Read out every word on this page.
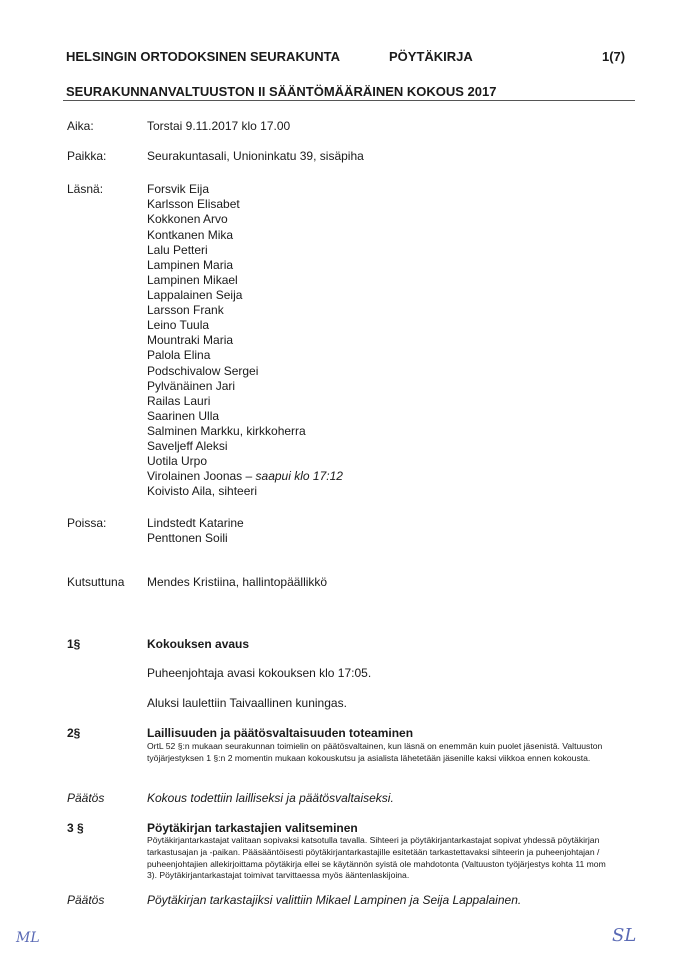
HELSINGIN ORTODOKSINEN SEURAKUNTA	PÖYTÄKIRJA	1(7)
SEURAKUNNANVALTUUSTON II SÄÄNTÖMÄÄRÄINEN KOKOUS 2017
Aika:	Torstai 9.11.2017 klo 17.00
Paikka:	Seurakuntasali, Unioninkatu 39, sisäpiha
Läsnä:	Forsvik Eija
Karlsson Elisabet
Kokkonen Arvo
Kontkanen Mika
Lalu Petteri
Lampinen Maria
Lampinen Mikael
Lappalainen Seija
Larsson Frank
Leino Tuula
Mountraki Maria
Palola Elina
Podschivalow Sergei
Pylvänäinen Jari
Railas Lauri
Saarinen Ulla
Salminen Markku, kirkkoherra
Saveljeff Aleksi
Uotila Urpo
Virolainen Joonas – saapui klo 17:12
Koivisto Aila, sihteeri
Poissa:	Lindstedt Katarine
Penttonen Soili
Kutsuttuna Mendes Kristiina, hallintopäällikkö
1§	Kokouksen avaus
Puheenjohtaja avasi kokouksen klo 17:05.
Aluksi laulettiin Taivaallinen kuningas.
2§	Laillisuuden ja päätösvaltaisuuden toteaminen
OrtL 52 §:n mukaan seurakunnan toimielin on päätösvaltainen, kun läsnä on enemmän kuin puolet jäsenistä. Valtuuston työjärjestyksen 1 §:n 2 momentin mukaan kokouskutsu ja asialista lähetetään jäsenille kaksi viikkoa ennen kokousta.
Päätös	Kokous todettiin lailliseksi ja päätösvaltaiseksi.
3 §	Pöytäkirjan tarkastajien valitseminen
Pöytäkirjantarkastajat valitaan sopivaksi katsotulla tavalla. Sihteeri ja pöytäkirjantarkastajat sopivat yhdessä pöytäkirjan tarkastusajan ja -paikan. Pääsääntöisesti pöytäkirjantarkastajille esitetään tarkastettavaksi sihteerin ja puheenjohtajan / puheenjohtajien allekirjoittama pöytäkirja ellei se käytännön syistä ole mahdotonta (Valtuuston työjärjestys kohta 11 mom 3). Pöytäkirjantarkastajat toimivat tarvittaessa myös ääntenlaskijoina.
Päätös	Pöytäkirjan tarkastajiksi valittiin Mikael Lampinen ja Seija Lappalainen.
ML	SL
